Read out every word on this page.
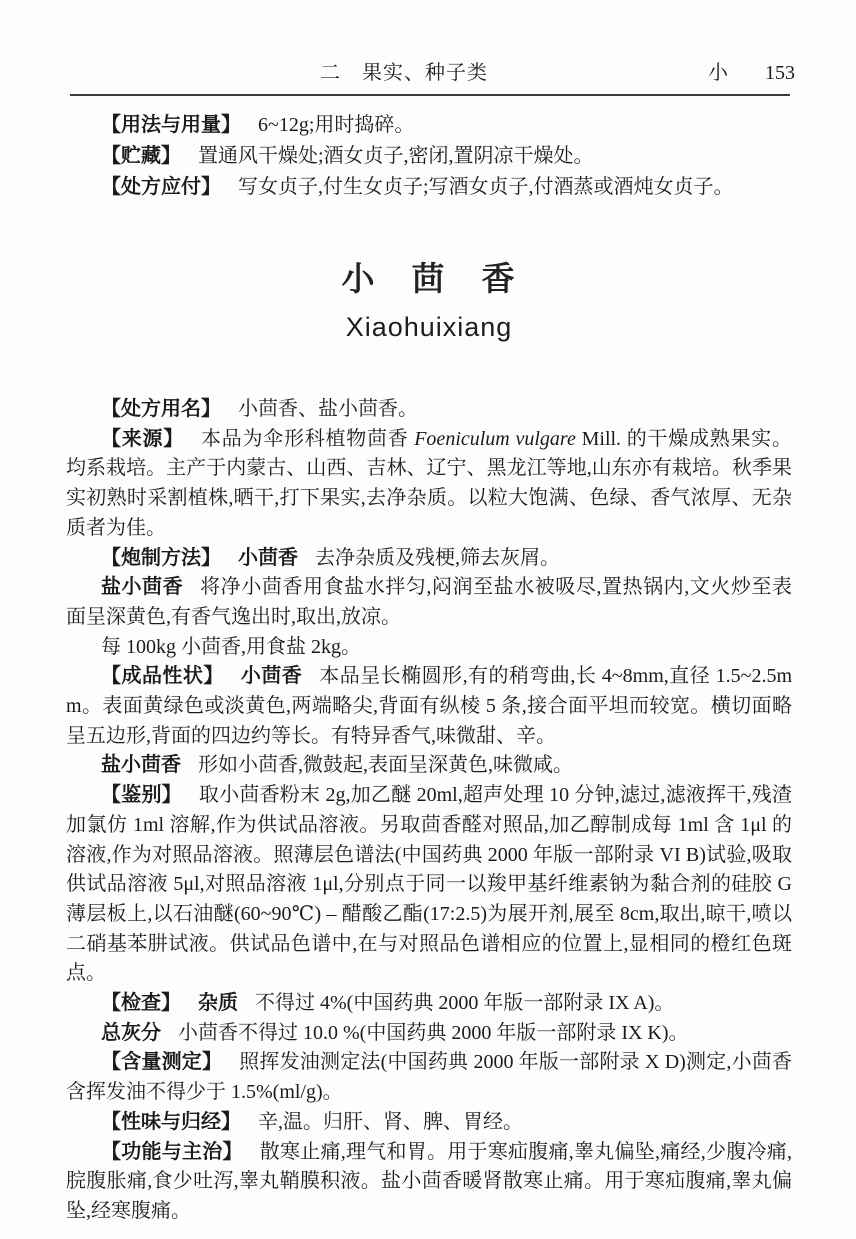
二　果实、种子类	小 153

【用法与用量】 6~12g;用时捣碎。

【贮藏】 置通风干燥处;酒女贞子,密闭,置阴凉干燥处。

【处方应付】 写女贞子,付生女贞子;写酒女贞子,付酒蒸或酒炖女贞子。

小　茴　香
Xiaohuixiang

【处方用名】 小茴香、盐小茴香。

【来源】 本品为伞形科植物茴香 Foeniculum vulgare Mill. 的干燥成熟果实。均系栽培。主产于内蒙古、山西、吉林、辽宁、黑龙江等地,山东亦有栽培。秋季果实初熟时采割植株,晒干,打下果实,去净杂质。以粒大饱满、色绿、香气浓厚、无杂质者为佳。

【炮制方法】 小茴香 去净杂质及残梗,筛去灰屑。

盐小茴香 将净小茴香用食盐水拌匀,闷润至盐水被吸尽,置热锅内,文火炒至表面呈深黄色,有香气逸出时,取出,放凉。

每 100kg 小茴香,用食盐 2kg。

【成品性状】 小茴香 本品呈长椭圆形,有的稍弯曲,长 4~8mm,直径 1.5~2.5mm。表面黄绿色或淡黄色,两端略尖,背面有纵棱 5 条,接合面平坦而较宽。横切面略呈五边形,背面的四边约等长。有特异香气,味微甜、辛。

盐小茴香 形如小茴香,微鼓起,表面呈深黄色,味微咸。

【鉴别】 取小茴香粉末 2g,加乙醚 20ml,超声处理 10 分钟,滤过,滤液挥干,残渣加氯仿 1ml 溶解,作为供试品溶液。另取茴香醛对照品,加乙醇制成每 1ml 含 1μl 的溶液,作为对照品溶液。照薄层色谱法(中国药典 2000 年版一部附录 VI B)试验,吸取供试品溶液 5μl,对照品溶液 1μl,分别点于同一以羧甲基纤维素钠为黏合剂的硅胶 G 薄层板上,以石油醚(60~90℃) – 醋酸乙酯(17:2.5)为展开剂,展至 8cm,取出,晾干,喷以二硝基苯肼试液。供试品色谱中,在与对照品色谱相应的位置上,显相同的橙红色斑点。

【检查】 杂质 不得过 4%(中国药典 2000 年版一部附录 IX A)。

总灰分 小茴香不得过 10.0 %(中国药典 2000 年版一部附录 IX K)。

【含量测定】 照挥发油测定法(中国药典 2000 年版一部附录 X D)测定,小茴香含挥发油不得少于 1.5%(ml/g)。

【性味与归经】 辛,温。归肝、肾、脾、胃经。

【功能与主治】 散寒止痛,理气和胃。用于寒疝腹痛,睾丸偏坠,痛经,少腹冷痛,脘腹胀痛,食少吐泻,睾丸鞘膜积液。盐小茴香暖肾散寒止痛。用于寒疝腹痛,睾丸偏坠,经寒腹痛。
